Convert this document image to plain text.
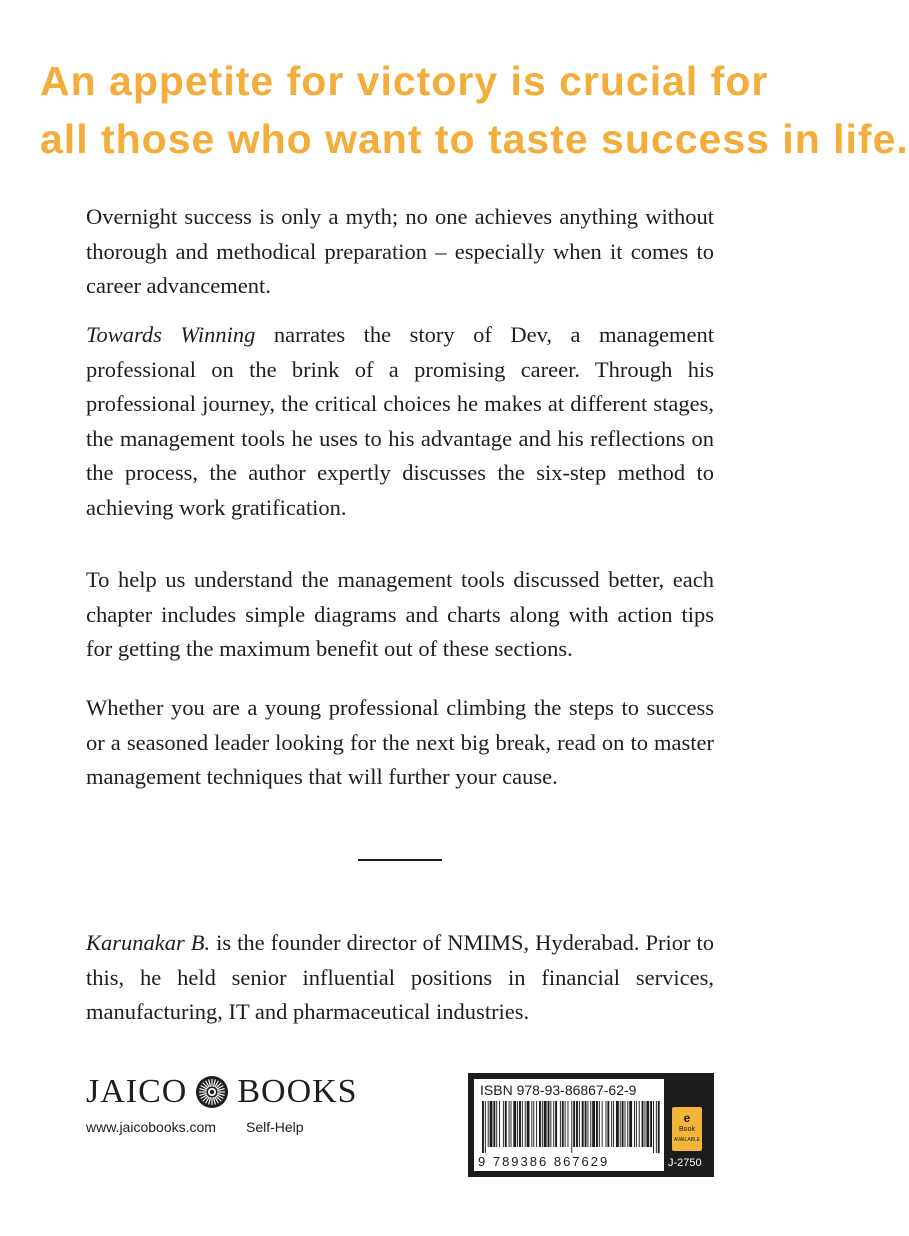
An appetite for victory is crucial for
all those who want to taste success in life.

Overnight success is only a myth; no one achieves anything without thorough and methodical preparation – especially when it comes to career advancement.

Towards Winning narrates the story of Dev, a management professional on the brink of a promising career. Through his professional journey, the critical choices he makes at different stages, the management tools he uses to his advantage and his reflections on the process, the author expertly discusses the six-step method to achieving work gratification.

To help us understand the management tools discussed better, each chapter includes simple diagrams and charts along with action tips for getting the maximum benefit out of these sections.

Whether you are a young professional climbing the steps to success or a seasoned leader looking for the next big break, read on to master management techniques that will further your cause.

Karunakar B. is the founder director of NMIMS, Hyderabad. Prior to this, he held senior influential positions in financial services, manufacturing, IT and pharmaceutical industries.

JAICO BOOKS
www.jaicobooks.com Self-Help
ISBN 978-93-86867-62-9
9 789386 867629
e
Book
AVAILABLE
J-2750
